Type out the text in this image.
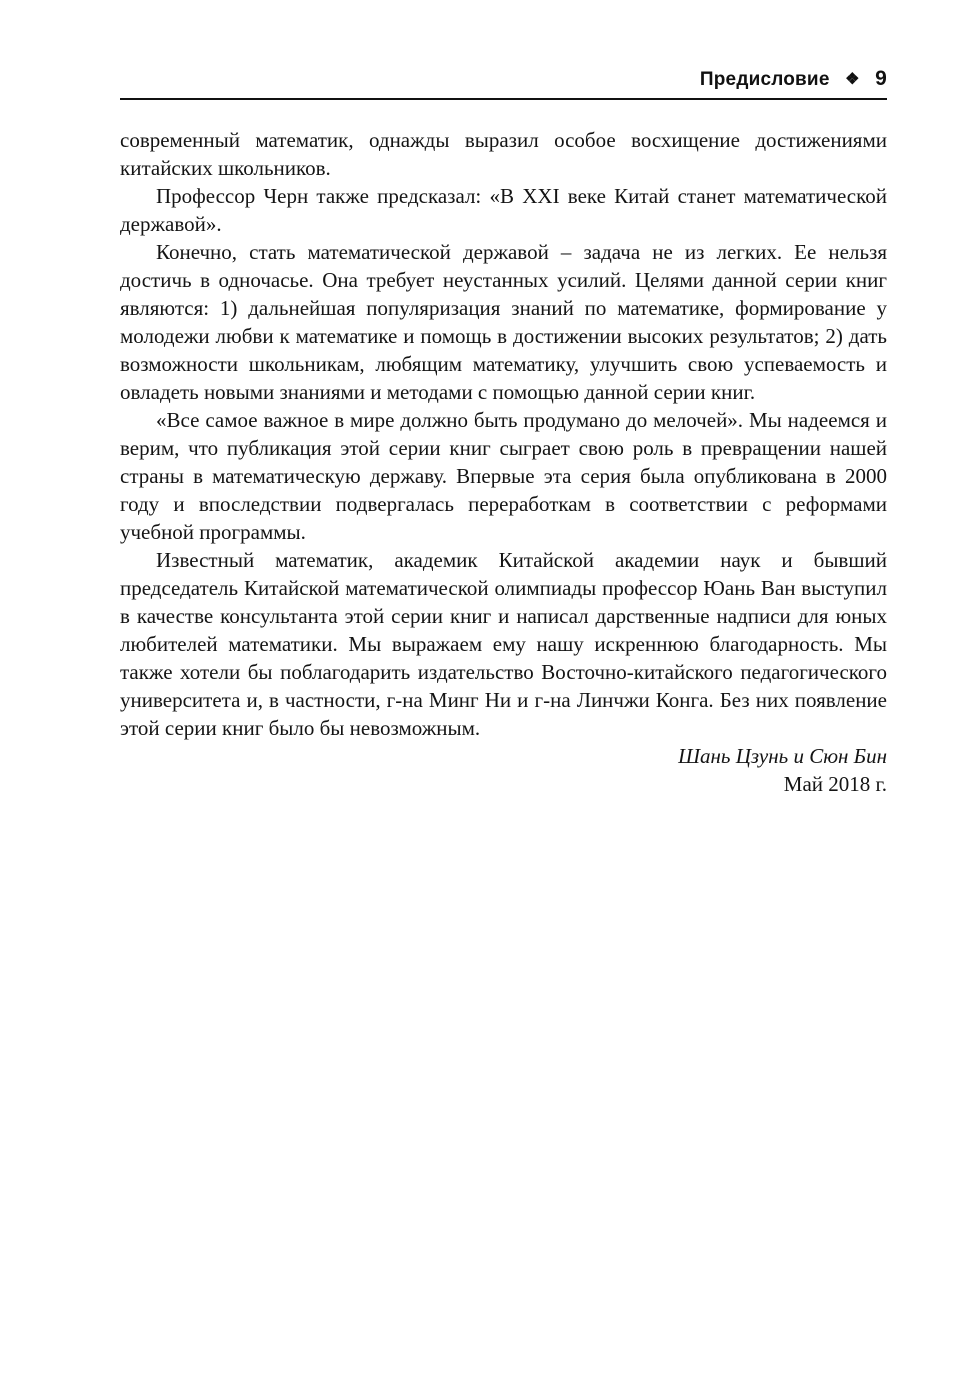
Предисловие ❖ 9

современный математик, однажды выразил особое восхищение достижениями китайских школьников.

Профессор Черн также предсказал: «В XXI веке Китай станет математической державой».

Конечно, стать математической державой – задача не из легких. Ее нельзя достичь в одночасье. Она требует неустанных усилий. Целями данной серии книг являются: 1) дальнейшая популяризация знаний по математике, формирование у молодежи любви к математике и помощь в достижении высоких результатов; 2) дать возможности школьникам, любящим математику, улучшить свою успеваемость и овладеть новыми знаниями и методами с помощью данной серии книг.

«Все самое важное в мире должно быть продумано до мелочей». Мы надеемся и верим, что публикация этой серии книг сыграет свою роль в превращении нашей страны в математическую державу. Впервые эта серия была опубликована в 2000 году и впоследствии подвергалась переработкам в соответствии с реформами учебной программы.

Известный математик, академик Китайской академии наук и бывший председатель Китайской математической олимпиады профессор Юань Ван выступил в качестве консультанта этой серии книг и написал дарственные надписи для юных любителей математики. Мы выражаем ему нашу искреннюю благодарность. Мы также хотели бы поблагодарить издательство Восточно-китайского педагогического университета и, в частности, г-на Минг Ни и г-на Линчжи Конга. Без них появление этой серии книг было бы невозможным.

Шань Цзунь и Сюн Бин

Май 2018 г.
